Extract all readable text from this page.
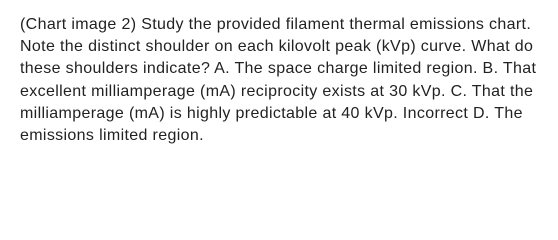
(Chart image 2) Study the provided filament thermal emissions chart. Note the distinct shoulder on each kilovolt peak (kVp) curve. What do these shoulders indicate? A. The space charge limited region. B. That excellent milliamperage (mA) reciprocity exists at 30 kVp. C. That the milliamperage (mA) is highly predictable at 40 kVp. Incorrect D. The emissions limited region.
